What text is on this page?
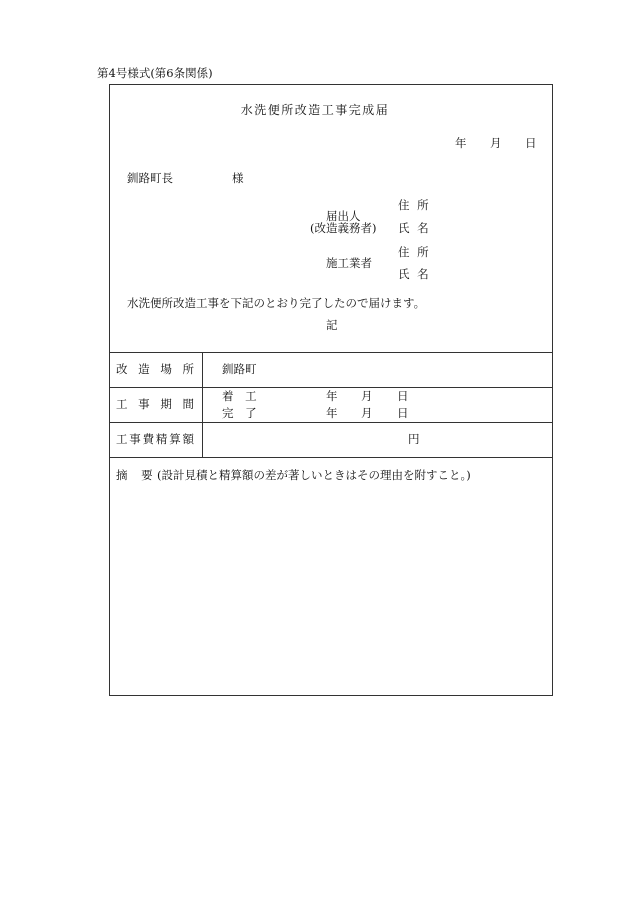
第4号様式(第6条関係)
水洗便所改造工事完成届
年 月 日
釧路町長	様
住 所
届出人
(改造義務者) 氏 名
住 所
施工業者
氏 名
水洗便所改造工事を下記のとおり完了したので届けます。
記
改 造 場 所 釧路町
工 事 期 間
着 工	年 月 日
完 了	年 月 日
工事費精算額	円
摘 要 (設計見積と精算額の差が著しいときはその理由を附すこと。)
